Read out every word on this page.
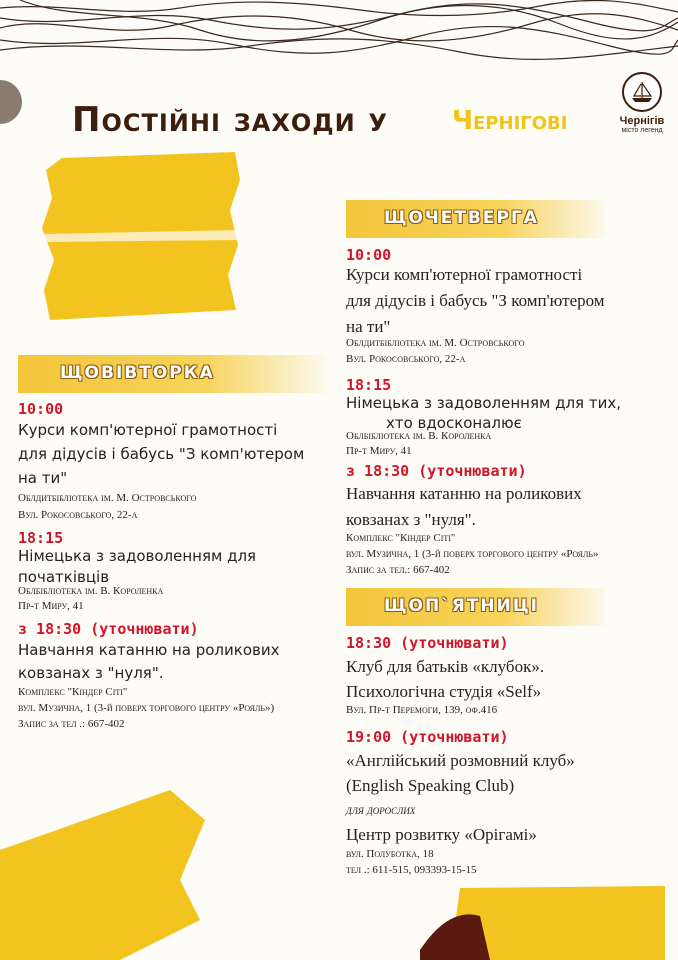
Постійні заходи у Чернігові	Чернігів
місто легенд
ЩОЧЕТВЕРГА
10:00
Курси комп'ютерної грамотності
для дідусів і бабусь "З комп'ютером
на ти"
Облдитбібліотека ім. М. Островського
Вул. Рокосовського, 22-а
18:15
Німецька з задоволенням для тих,
хто вдосконалює
Облбібліотека ім. В. Короленка
Пр-т Миру, 41
з 18:30 (уточнювати)
Навчання катанню на роликових
ковзанах з "нуля".
Комплекс "Кіндер Сіті"
вул. Музична, 1 (3-й поверх торгового центру «Рояль»
Запис за тел.: 667-402
ЩОВІВТОРКА
10:00
Курси комп'ютерної грамотності
для дідусів і бабусь "З комп'ютером
на ти"
Облдитбібліотека ім. М. Островського
Вул. Рокосовського, 22-а
18:15
Німецька з задоволенням для
початківців
Облбібліотека ім. В. Короленка
Пр-т Миру, 41
з 18:30 (уточнювати)
Навчання катанню на роликових
ковзанах з "нуля".
Комплекс "Кіндер Сіті"
вул. Музична, 1 (3-й поверх торгового центру «Рояль»)
Запис за тел .: 667-402
ЩОП`ЯТНИЦІ
18:30 (уточнювати)
Клуб для батьків «клубок».
Психологічна студія «Self»
Вул. Пр-т Перемоги, 139, оф.416
19:00 (уточнювати)
«Англійський розмовний клуб»
(English Speaking Club)
для дорослих
Центр розвитку «Орігамі»
вул. Полуботка, 18
тел .: 611-515, 093393-15-15
